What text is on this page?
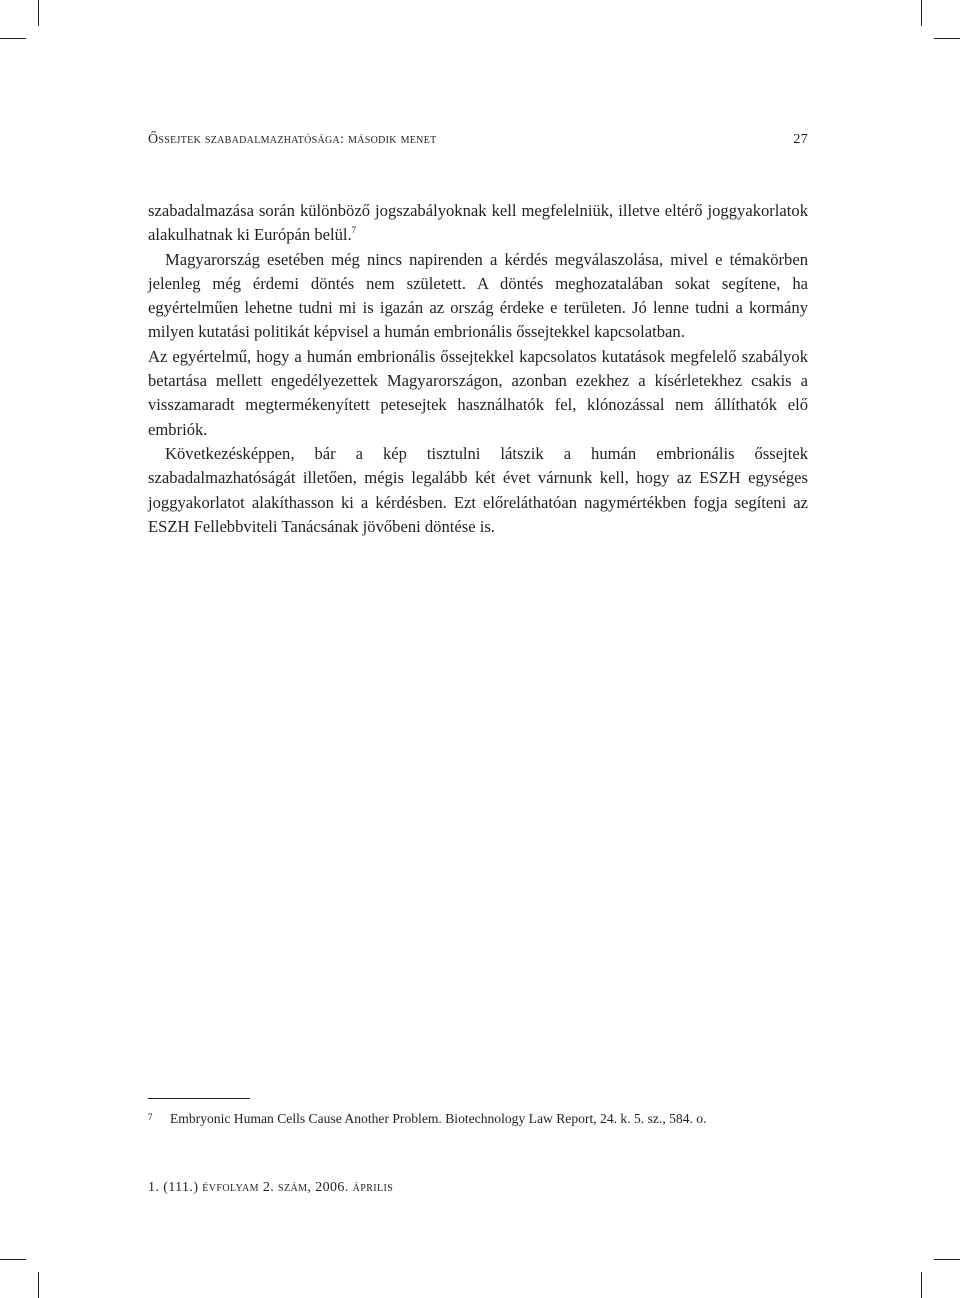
Őssejtek szabadalmazhatósága: második menet	27

szabadalmazása során különböző jogszabályoknak kell megfelelniük, illetve eltérő joggyakorlatok alakulhatnak ki Európán belül.$^7$

Magyarország esetében még nincs napirenden a kérdés megválaszolása, mivel e témakörben jelenleg még érdemi döntés nem született. A döntés meghozatalában sokat segítene, ha egyértelműen lehetne tudni mi is igazán az ország érdeke e területen. Jó lenne tudni a kormány milyen kutatási politikát képvisel a humán embrionális őssejtekkel kapcsolatban.

Az egyértelmű, hogy a humán embrionális őssejtekkel kapcsolatos kutatások megfelelő szabályok betartása mellett engedélyezettek Magyarországon, azonban ezekhez a kísérletekhez csakis a visszamaradt megtermékenyített petesejtek használhatók fel, klónozással nem állíthatók elő embriók.

Következésképpen, bár a kép tisztulni látszik a humán embrionális őssejtek szabadalmazhatóságát illetően, mégis legalább két évet várnunk kell, hogy az ESZH egységes joggyakorlatot alakíthasson ki a kérdésben. Ezt előreláthatóan nagymértékben fogja segíteni az ESZH Fellebbviteli Tanácsának jövőbeni döntése is.

7 Embryonic Human Cells Cause Another Problem. Biotechnology Law Report, 24. k. 5. sz., 584. o.
1. (111.) évfolyam 2. szám, 2006. április
